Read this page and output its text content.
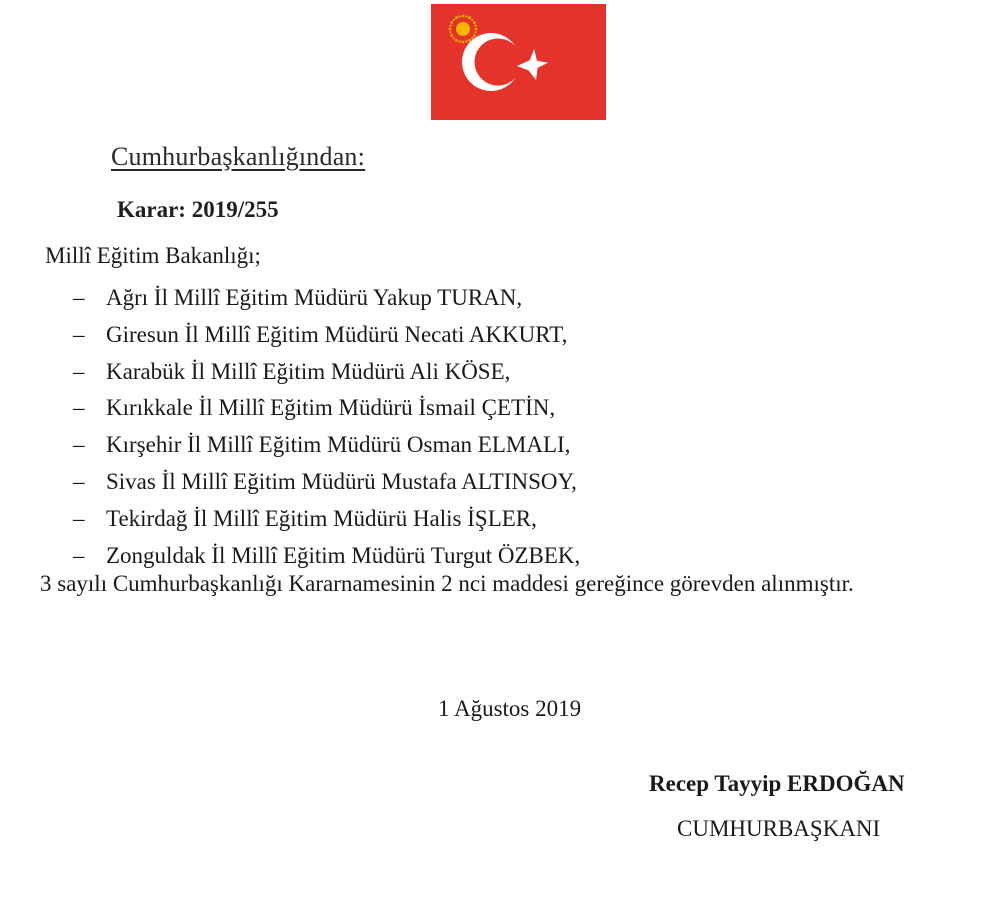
Cumhurbaşkanlığından:
Karar: 2019/255
Millî Eğitim Bakanlığı;
– Ağrı İl Millî Eğitim Müdürü Yakup TURAN,
– Giresun İl Millî Eğitim Müdürü Necati AKKURT,
– Karabük İl Millî Eğitim Müdürü Ali KÖSE,
– Kırıkkale İl Millî Eğitim Müdürü İsmail ÇETİN,
– Kırşehir İl Millî Eğitim Müdürü Osman ELMALI,
– Sivas İl Millî Eğitim Müdürü Mustafa ALTINSOY,
– Tekirdağ İl Millî Eğitim Müdürü Halis İŞLER,
– Zonguldak İl Millî Eğitim Müdürü Turgut ÖZBEK,
3 sayılı Cumhurbaşkanlığı Kararnamesinin 2 nci maddesi gereğince görevden alınmıştır.
1 Ağustos 2019
Recep Tayyip ERDOĞAN
CUMHURBAŞKANI
